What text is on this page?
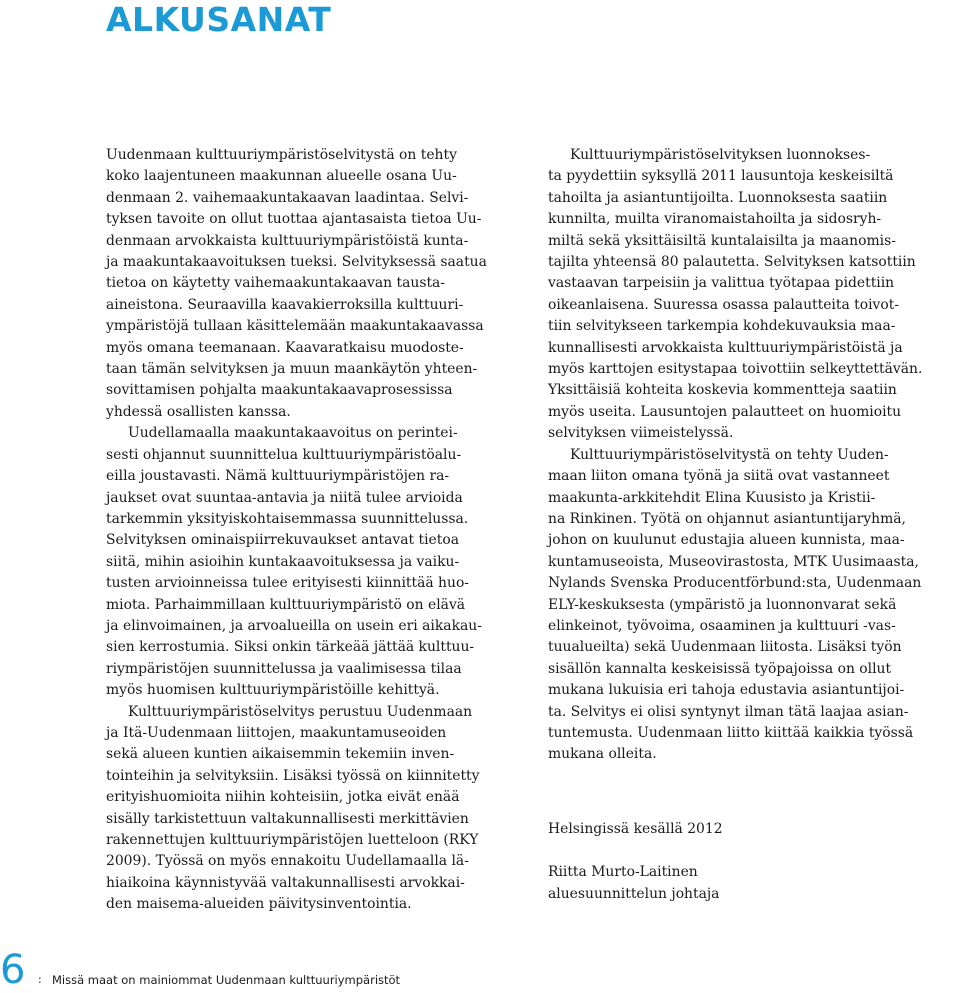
ALKUSANAT

Uudenmaan kulttuuriympäristöselvitystä on tehty
koko laajentuneen maakunnan alueelle osana Uu-
denmaan 2. vaihemaakuntakaavan laadintaa. Selvi-
tyksen tavoite on ollut tuottaa ajantasaista tietoa Uu-
denmaan arvokkaista kulttuuriympäristöistä kunta-
ja maakuntakaavoituksen tueksi. Selvityksessä saatua
tietoa on käytetty vaihemaakuntakaavan tausta-
aineistona. Seuraavilla kaavakierroksilla kulttuuri-
ympäristöjä tullaan käsittelemään maakuntakaavassa
myös omana teemanaan. Kaavaratkaisu muodoste-
taan tämän selvityksen ja muun maankäytön yhteen-
sovittamisen pohjalta maakuntakaavaprosessissa
yhdessä osallisten kanssa.

Uudellamaalla maakuntakaavoitus on perintei-
sesti ohjannut suunnittelua kulttuuriympäristöalu-
eilla joustavasti. Nämä kulttuuriympäristöjen ra-
jaukset ovat suuntaa-antavia ja niitä tulee arvioida
tarkemmin yksityiskohtaisemmassa suunnittelussa.
Selvityksen ominaispiirrekuvaukset antavat tietoa
siitä, mihin asioihin kuntakaavoituksessa ja vaiku-
tusten arvioinneissa tulee erityisesti kiinnittää huo-
miota. Parhaimmillaan kulttuuriympäristö on elävä
ja elinvoimainen, ja arvoalueilla on usein eri aikakau-
sien kerrostumia. Siksi onkin tärkeää jättää kulttuu-
riympäristöjen suunnittelussa ja vaalimisessa tilaa
myös huomisen kulttuuriympäristöille kehittyä.

Kulttuuriympäristöselvitys perustuu Uudenmaan
ja Itä-Uudenmaan liittojen, maakuntamuseoiden
sekä alueen kuntien aikaisemmin tekemiin inven-
tointeihin ja selvityksiin. Lisäksi työssä on kiinnitetty
erityishuomioita niihin kohteisiin, jotka eivät enää
sisälly tarkistettuun valtakunnallisesti merkittävien
rakennettujen kulttuuriympäristöjen luetteloon (RKY
2009). Työssä on myös ennakoitu Uudellamaalla lä-
hiaikoina käynnistyvää valtakunnallisesti arvokkai-
den maisema-alueiden päivitysinventointia.

Kulttuuriympäristöselvityksen luonnokses-
ta pyydettiin syksyllä 2011 lausuntoja keskeisiltä
tahoilta ja asiantuntijoilta. Luonnoksesta saatiin
kunnilta, muilta viranomaistahoilta ja sidosryh-
miltä sekä yksittäisiltä kuntalaisilta ja maanomis-
tajilta yhteensä 80 palautetta. Selvityksen katsottiin
vastaavan tarpeisiin ja valittua työtapaa pidettiin
oikeanlaisena. Suuressa osassa palautteita toivot-
tiin selvitykseen tarkempia kohdekuvauksia maa-
kunnallisesti arvokkaista kulttuuriympäristöistä ja
myös karttojen esitystapaa toivottiin selkeyttettävän.
Yksittäisiä kohteita koskevia kommentteja saatiin
myös useita. Lausuntojen palautteet on huomioitu
selvityksen viimeistelyssä.

Kulttuuriympäristöselvitystä on tehty Uuden-
maan liiton omana työnä ja siitä ovat vastanneet
maakunta-arkkitehdit Elina Kuusisto ja Kristii-
na Rinkinen. Työtä on ohjannut asiantuntijaryhmä,
johon on kuulunut edustajia alueen kunnista, maa-
kuntamuseoista, Museovirastosta, MTK Uusimaasta,
Nylands Svenska Producentförbund:sta, Uudenmaan
ELY-keskuksesta (ympäristö ja luonnonvarat sekä
elinkeinot, työvoima, osaaminen ja kulttuuri -vas-
tuualueilta) sekä Uudenmaan liitosta. Lisäksi työn
sisällön kannalta keskeisissä työpajoissa on ollut
mukana lukuisia eri tahoja edustavia asiantuntijoi-
ta. Selvitys ei olisi syntynyt ilman tätä laajaa asian-
tuntemusta. Uudenmaan liitto kiittää kaikkia työssä
mukana olleita.

Helsingissä kesällä 2012

Riitta Murto-Laitinen

aluesuunnittelun johtaja

6 : Missä maat on mainiommat Uudenmaan kulttuuriympäristöt
